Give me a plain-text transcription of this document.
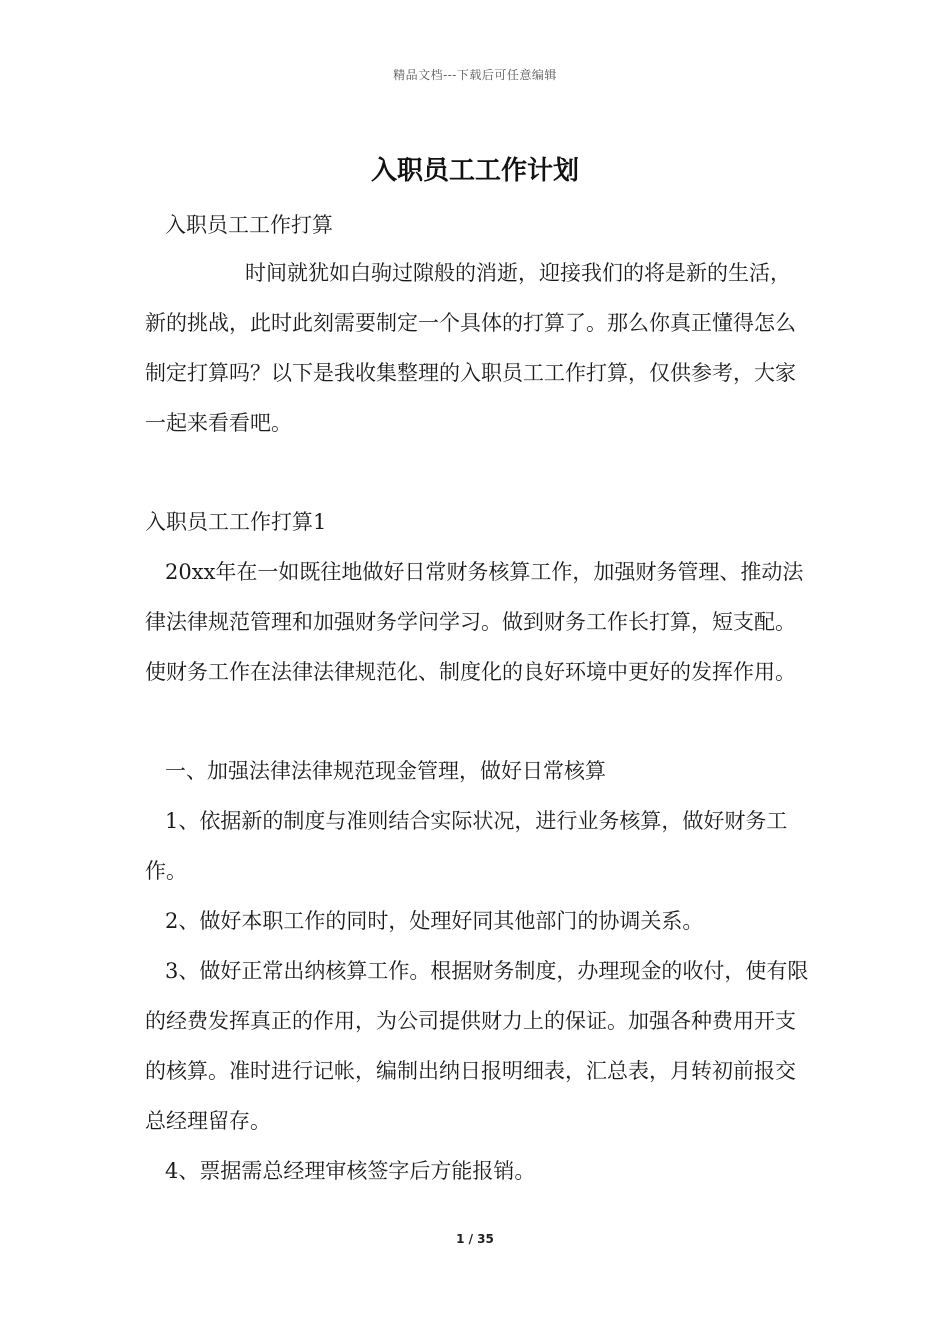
精品文档---下载后可任意编辑
入职员工工作计划

入职员工工作打算

时间就犹如白驹过隙般的消逝，迎接我们的将是新的生活，新的挑战，此时此刻需要制定一个具体的打算了。那么你真正懂得怎么制定打算吗？以下是我收集整理的入职员工工作打算，仅供参考，大家一起来看看吧。

入职员工工作打算1

20xx年在一如既往地做好日常财务核算工作，加强财务管理、推动法律法律规范管理和加强财务学问学习。做到财务工作长打算，短支配。使财务工作在法律法律规范化、制度化的良好环境中更好的发挥作用。

一、加强法律法律规范现金管理，做好日常核算

1、依据新的制度与准则结合实际状况，进行业务核算，做好财务工作。

2、做好本职工作的同时，处理好同其他部门的协调关系。

3、做好正常出纳核算工作。根据财务制度，办理现金的收付，使有限的经费发挥真正的作用，为公司提供财力上的保证。加强各种费用开支的核算。准时进行记帐，编制出纳日报明细表，汇总表，月转初前报交总经理留存。

4、票据需总经理审核签字后方能报销。

1 / 35
